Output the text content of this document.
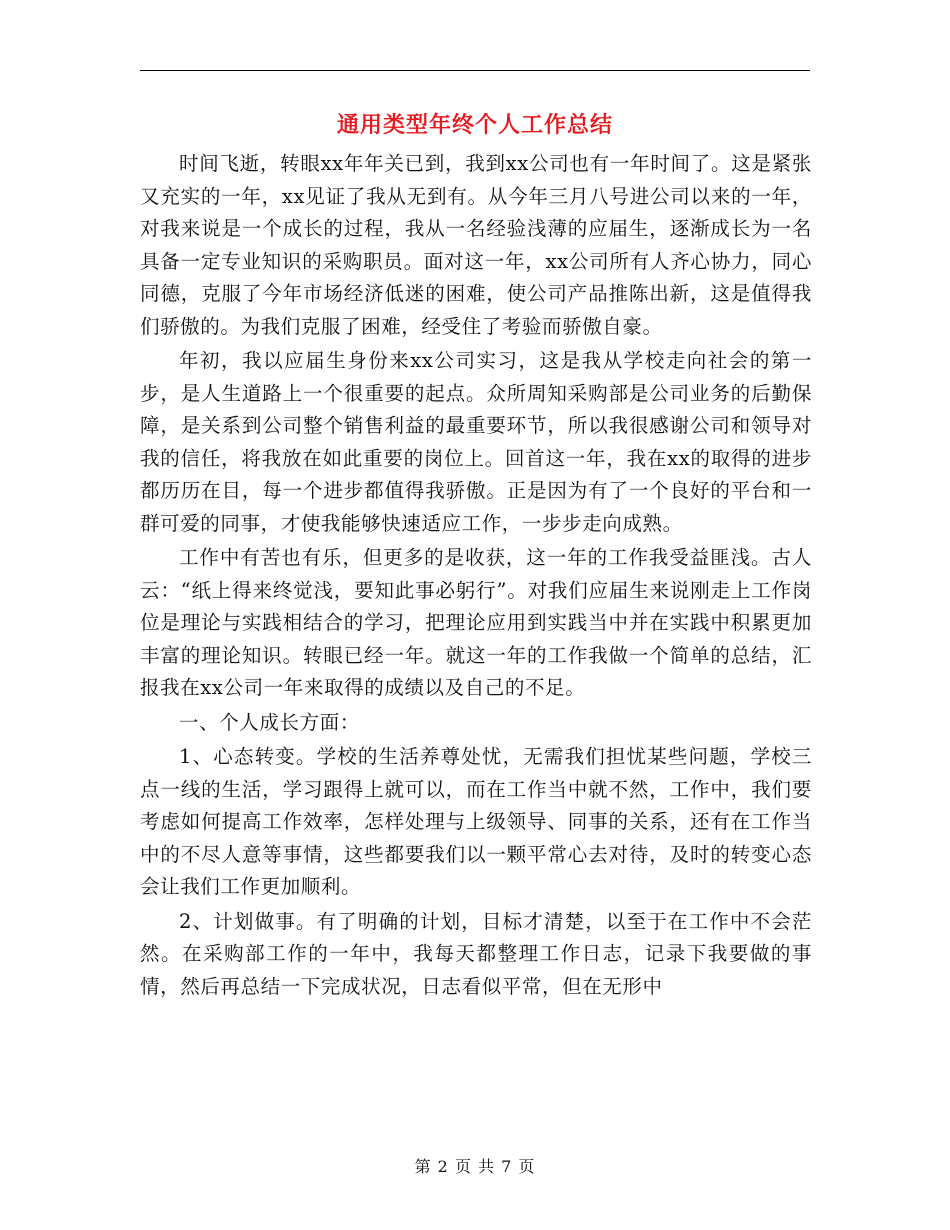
通用类型年终个人工作总结

时间飞逝，转眼xx年年关已到，我到xx公司也有一年时间了。这是紧张又充实的一年，xx见证了我从无到有。从今年三月八号进公司以来的一年，对我来说是一个成长的过程，我从一名经验浅薄的应届生，逐渐成长为一名具备一定专业知识的采购职员。面对这一年，xx公司所有人齐心协力，同心同德，克服了今年市场经济低迷的困难，使公司产品推陈出新，这是值得我们骄傲的。为我们克服了困难，经受住了考验而骄傲自豪。

年初，我以应届生身份来xx公司实习，这是我从学校走向社会的第一步，是人生道路上一个很重要的起点。众所周知采购部是公司业务的后勤保障，是关系到公司整个销售利益的最重要环节，所以我很感谢公司和领导对我的信任，将我放在如此重要的岗位上。回首这一年，我在xx的取得的进步都历历在目，每一个进步都值得我骄傲。正是因为有了一个良好的平台和一群可爱的同事，才使我能够快速适应工作，一步步走向成熟。

工作中有苦也有乐，但更多的是收获，这一年的工作我受益匪浅。古人云：“纸上得来终觉浅，要知此事必躬行”。对我们应届生来说刚走上工作岗位是理论与实践相结合的学习，把理论应用到实践当中并在实践中积累更加丰富的理论知识。转眼已经一年。就这一年的工作我做一个简单的总结，汇报我在xx公司一年来取得的成绩以及自己的不足。

一、个人成长方面：

1、心态转变。学校的生活养尊处忧，无需我们担忧某些问题，学校三点一线的生活，学习跟得上就可以，而在工作当中就不然，工作中，我们要考虑如何提高工作效率，怎样处理与上级领导、同事的关系，还有在工作当中的不尽人意等事情，这些都要我们以一颗平常心去对待，及时的转变心态会让我们工作更加顺利。

2、计划做事。有了明确的计划，目标才清楚，以至于在工作中不会茫然。在采购部工作的一年中，我每天都整理工作日志，记录下我要做的事情，然后再总结一下完成状况，日志看似平常，但在无形中

第 2 页 共 7 页
